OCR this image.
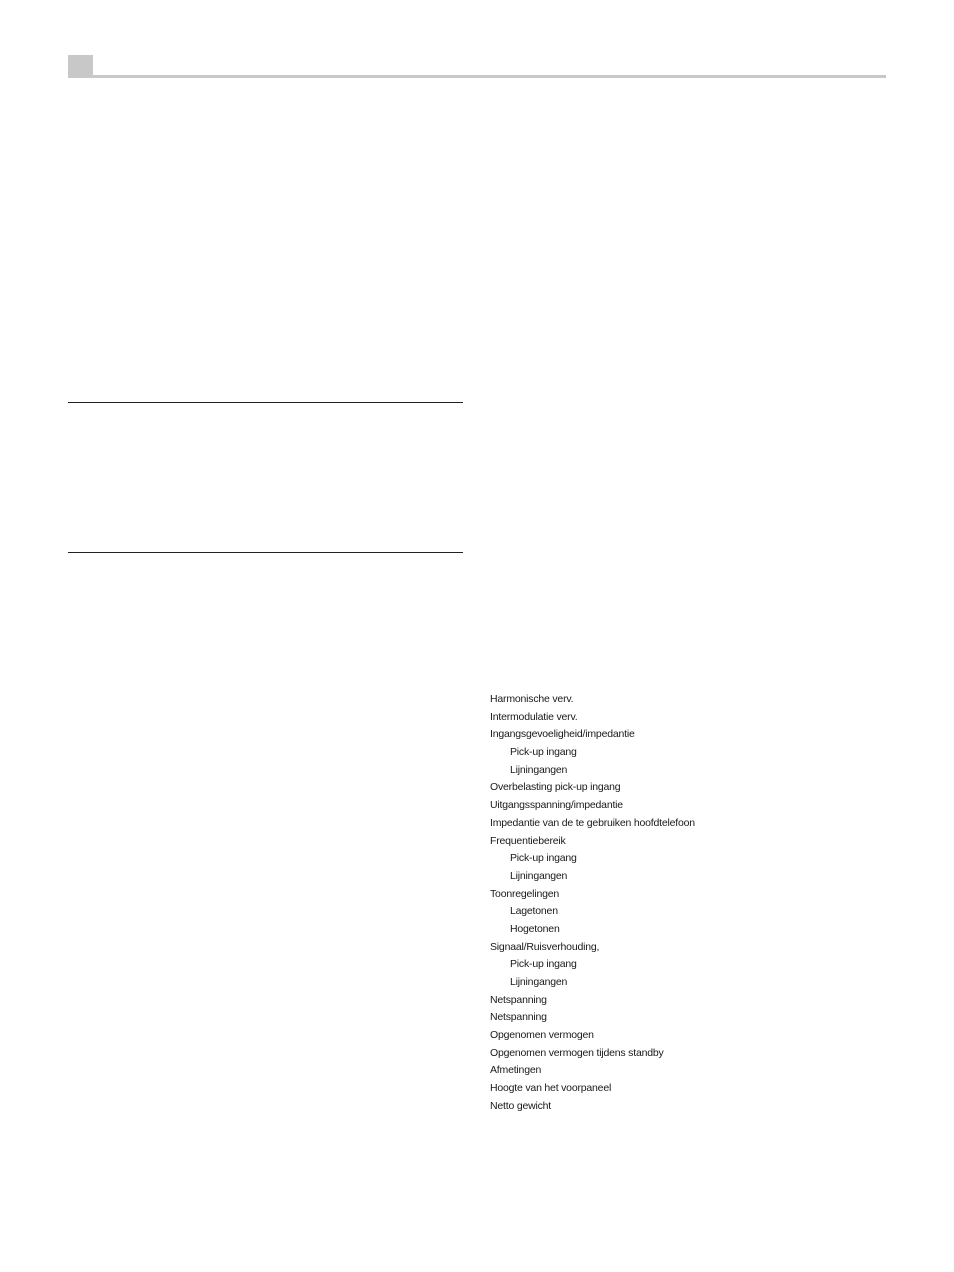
Harmonische verv.
Intermodulatie verv.
Ingangsgevoeligheid/impedantie
Pick-up ingang
Lijningangen
Overbelasting pick-up ingang
Uitgangsspanning/impedantie
Impedantie van de te gebruiken hoofdtelefoon
Frequentiebereik
Pick-up ingang
Lijningangen
Toonregelingen
Lagetonen
Hogetonen
Signaal/Ruisverhouding,
Pick-up ingang
Lijningangen
Netspanning
Netspanning
Opgenomen vermogen
Opgenomen vermogen tijdens standby
Afmetingen
Hoogte van het voorpaneel
Netto gewicht
